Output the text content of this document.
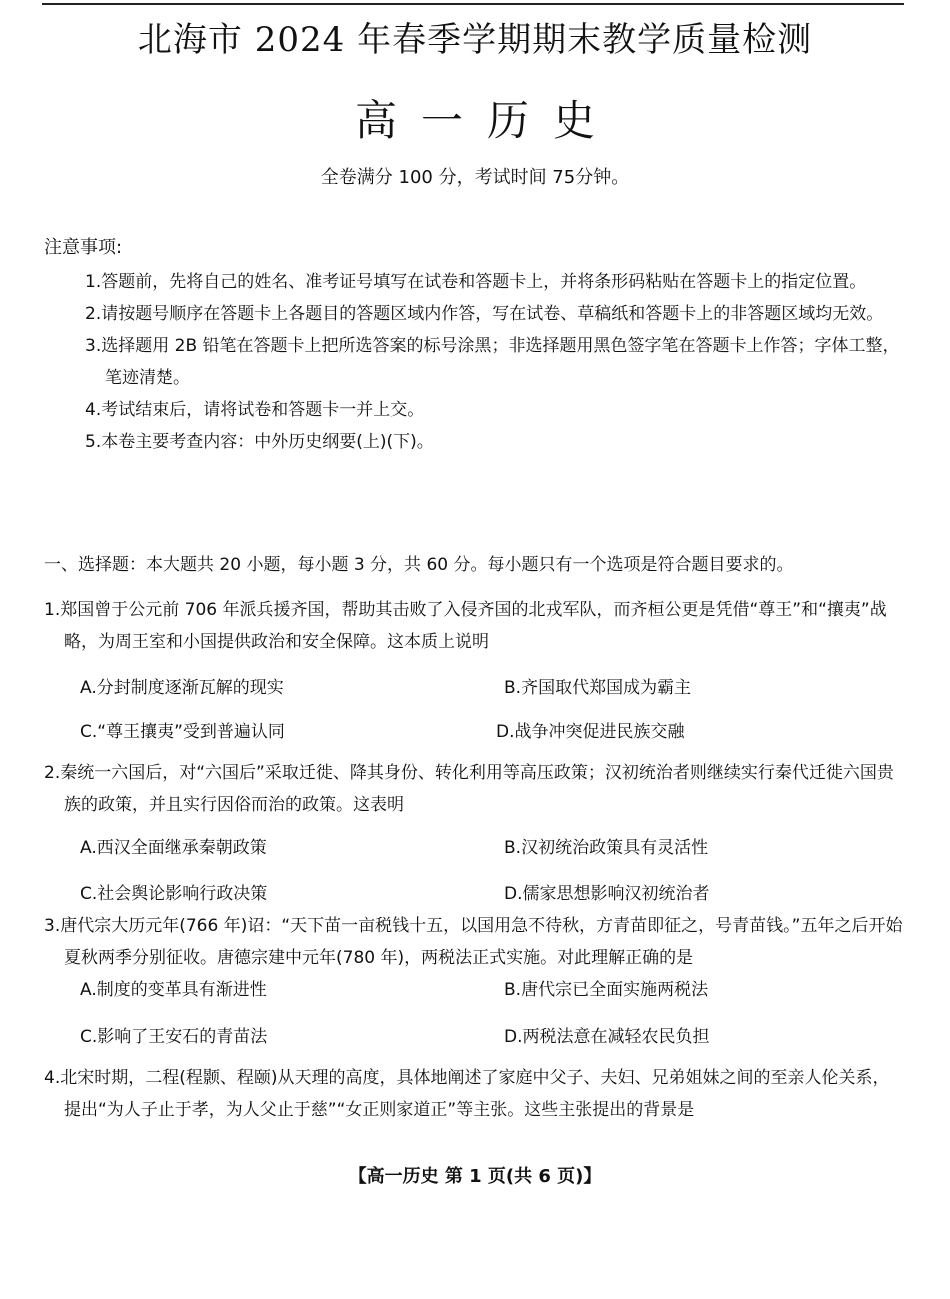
北海市 2024 年春季学期期末教学质量检测
高一历史
全卷满分 100 分，考试时间 75分钟。
注意事项:
1.答题前，先将自己的姓名、准考证号填写在试卷和答题卡上，并将条形码粘贴在答题卡上的指定位置。
2.请按题号顺序在答题卡上各题目的答题区域内作答，写在试卷、草稿纸和答题卡上的非答题区域均无效。
3.选择题用 2B 铅笔在答题卡上把所选答案的标号涂黑；非选择题用黑色签字笔在答题卡上作答；字体工整，笔迹清楚。
4.考试结束后，请将试卷和答题卡一并上交。
5.本卷主要考查内容：中外历史纲要(上)(下)。
一、选择题：本大题共 20 小题，每小题 3 分，共 60 分。每小题只有一个选项是符合题目要求的。
1.郑国曾于公元前 706 年派兵援齐国，帮助其击败了入侵齐国的北戎军队，而齐桓公更是凭借“尊王”和“攘夷”战略，为周王室和小国提供政治和安全保障。这本质上说明
A.分封制度逐渐瓦解的现实	B.齐国取代郑国成为霸主
C.“尊王攘夷”受到普遍认同	D.战争冲突促进民族交融
2.秦统一六国后，对“六国后”采取迁徙、降其身份、转化利用等高压政策；汉初统治者则继续实行秦代迁徙六国贵族的政策，并且实行因俗而治的政策。这表明
A.西汉全面继承秦朝政策	B.汉初统治政策具有灵活性
C.社会舆论影响行政决策	D.儒家思想影响汉初统治者
3.唐代宗大历元年(766 年)诏：“天下苗一亩税钱十五，以国用急不待秋，方青苗即征之，号青苗钱。”五年之后开始夏秋两季分别征收。唐德宗建中元年(780 年)，两税法正式实施。对此理解正确的是
A.制度的变革具有渐进性	B.唐代宗已全面实施两税法
C.影响了王安石的青苗法	D.两税法意在减轻农民负担
4.北宋时期，二程(程颢、程颐)从天理的高度，具体地阐述了家庭中父子、夫妇、兄弟姐妹之间的至亲人伦关系，提出“为人子止于孝，为人父止于慈”“女正则家道正”等主张。这些主张提出的背景是
【高一历史 第 1 页(共 6 页)】
